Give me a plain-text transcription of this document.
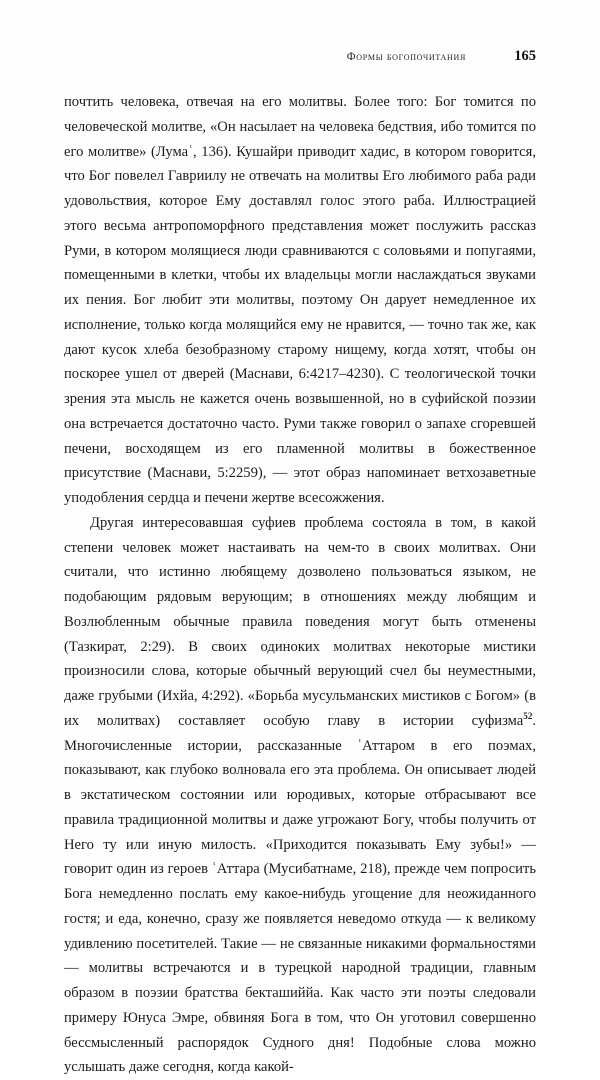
Формы богопочитания	165

почтить человека, отвечая на его молитвы. Более того: Бог томится по человеческой молитве, «Он насылает на человека бедствия, ибо томится по его молитве» (Лумаʿ, 136). Кушайри приводит хадис, в котором говорится, что Бог повелел Гавриилу не отвечать на молитвы Его любимого раба ради удовольствия, которое Ему доставлял голос этого раба. Иллюстрацией этого весьма антропоморфного представления может послужить рассказ Руми, в котором молящиеся люди сравниваются с соловьями и попугаями, помещенными в клетки, чтобы их владельцы могли наслаждаться звуками их пения. Бог любит эти молитвы, поэтому Он дарует немедленное их исполнение, только когда молящийся ему не нравится, — точно так же, как дают кусок хлеба безобразному старому нищему, когда хотят, чтобы он поскорее ушел от дверей (Маснави, 6:4217–4230). С теологической точки зрения эта мысль не кажется очень возвышенной, но в суфийской поэзии она встречается достаточно часто. Руми также говорил о запахе сгоревшей печени, восходящем из его пламенной молитвы в божественное присутствие (Маснави, 5:2259), — этот образ напоминает ветхозаветные уподобления сердца и печени жертве всесожжения.

Другая интересовавшая суфиев проблема состояла в том, в какой степени человек может настаивать на чем-то в своих молитвах. Они считали, что истинно любящему дозволено пользоваться языком, не подобающим рядовым верующим; в отношениях между любящим и Возлюбленным обычные правила поведения могут быть отменены (Тазкират, 2:29). В своих одиноких молитвах некоторые мистики произносили слова, которые обычный верующий счел бы неуместными, даже грубыми (Ихйа, 4:292). «Борьба мусульманских мистиков с Богом» (в их молитвах) составляет особую главу в истории суфизма$^{52}$. Многочисленные истории, рассказанные ʿАттаром в его поэмах, показывают, как глубоко волновала его эта проблема. Он описывает людей в экстатическом состоянии или юродивых, которые отбрасывают все правила традиционной молитвы и даже угрожают Богу, чтобы получить от Него ту или иную милость. «Приходится показывать Ему зубы!» — говорит один из героев ʿАттара (Мусибатнаме, 218), прежде чем попросить Бога немедленно послать ему какое-нибудь угощение для неожиданного гостя; и еда, конечно, сразу же появляется неведомо откуда — к великому удивлению посетителей. Такие — не связанные никакими формальностями — молитвы встречаются и в турецкой народной традиции, главным образом в поэзии братства бекташиййа. Как часто эти поэты следовали примеру Юнуса Эмре, обвиняя Бога в том, что Он уготовил совершенно бессмысленный распорядок Судного дня! Подобные слова можно услышать даже сегодня, когда какой-
